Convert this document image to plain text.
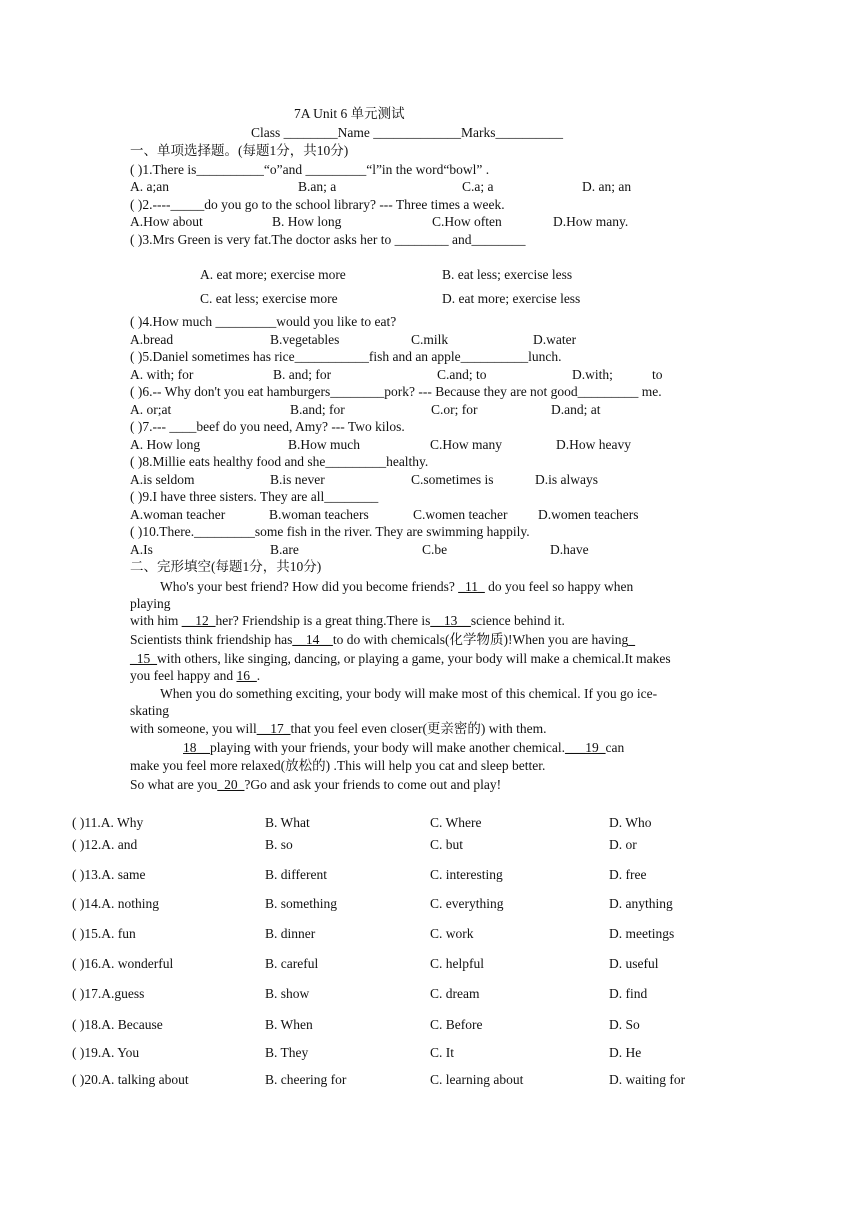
7A Unit 6 单元测试
Class ________Name _____________Marks__________
一、单项选择题。(每题1分，共10分)
( )1.There is__________“o”and _________“l”in the word“bowl” .
A. a;an	B.an; a	C.a; a	D. an; an
( )2.----_____do you go to the school library? --- Three times a week.
A.How about	B. How long	C.How often	D.How many.
( )3.Mrs Green is very fat.The doctor asks her to ________ and________
A. eat more; exercise more	B. eat less; exercise less
C. eat less; exercise more	D. eat more; exercise less
( )4.How much _________would you like to eat?
A.bread	B.vegetables	C.milk	D.water
( )5.Daniel sometimes has rice___________fish and an apple__________lunch.
A. with; for	B. and; for	C.and; to	D.with;	to
( )6.-- Why don't you eat hamburgers________pork? --- Because they are not good_________ me.
A. or;at	B.and; for	C.or; for	D.and; at
( )7.--- ____beef do you need, Amy? --- Two kilos.
A. How long	B.How much	C.How many	D.How heavy
( )8.Millie eats healthy food and she_________healthy.
A.is seldom	B.is never	C.sometimes is	D.is always
( )9.I have three sisters. They are all________
A.woman teacher	B.woman teachers	C.women teacher D.women teachers
( )10.There._________some fish in the river. They are swimming happily.
A.Is	B.are	C.be	D.have
二、完形填空(每题1分，共10分)
Who's your best friend? How did you become friends? _11_ do you feel so happy when
playing
with him __12_her? Friendship is a great thing.There is__13__science behind it.
Scientists think friendship has__14__to do with chemicals(化学物质)!When you are having_
_15_with others, like singing, dancing, or playing a game, your body will make a chemical.It makes
you feel happy and 16_.
When you do something exciting, your body will make most of this chemical. If you go ice-
skating
with someone, you will__17_that you feel even closer(更亲密的) with them.
18__playing with your friends, your body will make another chemical.___19_can
make you feel more relaxed(放松的) .This will help you cat and sleep better.
So what are you_20_?Go and ask your friends to come out and play!
( )11.A. Why	B. What	C. Where	D. Who
( )12.A. and	B. so	C. but	D. or
( )13.A. same	B. different	C. interesting	D. free
( )14.A. nothing	B. something	C. everything	D. anything
( )15.A. fun	B. dinner	C. work	D. meetings
( )16.A. wonderful	B. careful	C. helpful	D. useful
( )17.A.guess	B. show	C. dream	D. find
( )18.A. Because	B. When	C. Before	D. So
( )19.A. You	B. They	C. It	D. He
( )20.A. talking about	B. cheering for	C. learning about	D. waiting for
